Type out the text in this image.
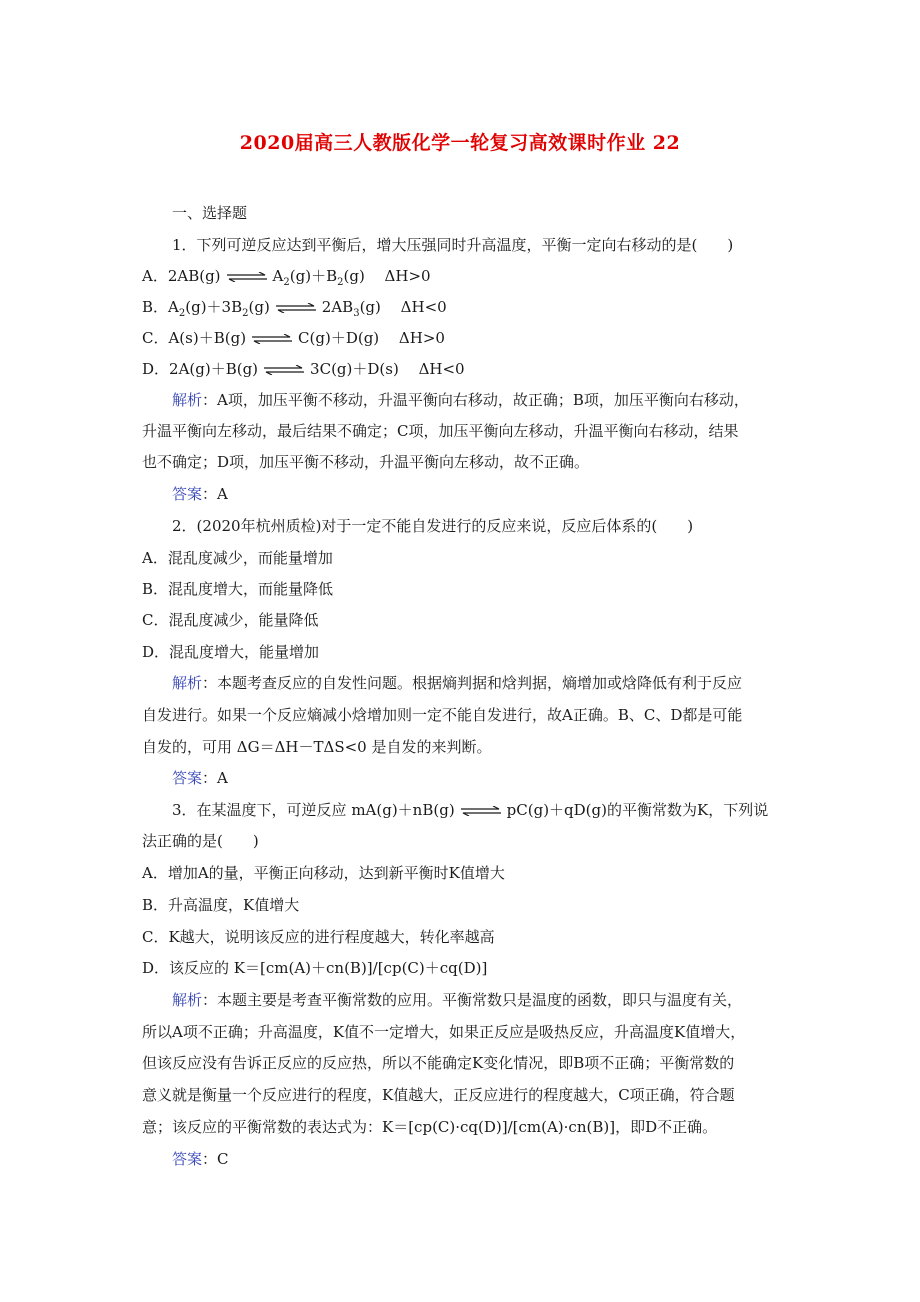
2020届高三人教版化学一轮复习高效课时作业 22
一、选择题
1．下列可逆反应达到平衡后，增大压强同时升高温度，平衡一定向右移动的是(　　)
A．2AB(g) ⇌ $A_2(g)+B_2(g)$　 ΔH>0
B．$A_2(g)+3B_2(g)$ ⇌ $2AB_3(g)$　 ΔH<0
C．A(s)＋B(g) ⇌ C(g)＋D(g)　 ΔH>0
D．2A(g)＋B(g) ⇌ 3C(g)＋D(s)　 ΔH<0
解析：A项，加压平衡不移动，升温平衡向右移动，故正确；B项，加压平衡向右移动，
升温平衡向左移动，最后结果不确定；C项，加压平衡向左移动，升温平衡向右移动，结果
也不确定；D项，加压平衡不移动，升温平衡向左移动，故不正确。
答案：A
2．(2020年杭州质检)对于一定不能自发进行的反应来说，反应后体系的(　　)
A．混乱度减少，而能量增加
B．混乱度增大，而能量降低
C．混乱度减少，能量降低
D．混乱度增大，能量增加
解析：本题考查反应的自发性问题。根据熵判据和焓判据，熵增加或焓降低有利于反应
自发进行。如果一个反应熵减小焓增加则一定不能自发进行，故A正确。B、C、D都是可能
自发的，可用 ΔG＝ΔH－TΔS<0 是自发的来判断。
答案：A
3．在某温度下，可逆反应 mA(g)＋nB(g) ⇌ pC(g)＋qD(g)的平衡常数为K，下列说
法正确的是(　　)
A．增加A的量，平衡正向移动，达到新平衡时K值增大
B．升高温度，K值增大
C．K越大，说明该反应的进行程度越大，转化率越高
D．该反应的 K＝[cm(A)＋cn(B)]/[cp(C)＋cq(D)]
解析：本题主要是考查平衡常数的应用。平衡常数只是温度的函数，即只与温度有关，
所以A项不正确；升高温度，K值不一定增大，如果正反应是吸热反应，升高温度K值增大，
但该反应没有告诉正反应的反应热，所以不能确定K变化情况，即B项不正确；平衡常数的
意义就是衡量一个反应进行的程度，K值越大，正反应进行的程度越大，C项正确，符合题
意；该反应的平衡常数的表达式为：K＝[cp(C)·cq(D)]/[cm(A)·cn(B)]，即D不正确。
答案：C
